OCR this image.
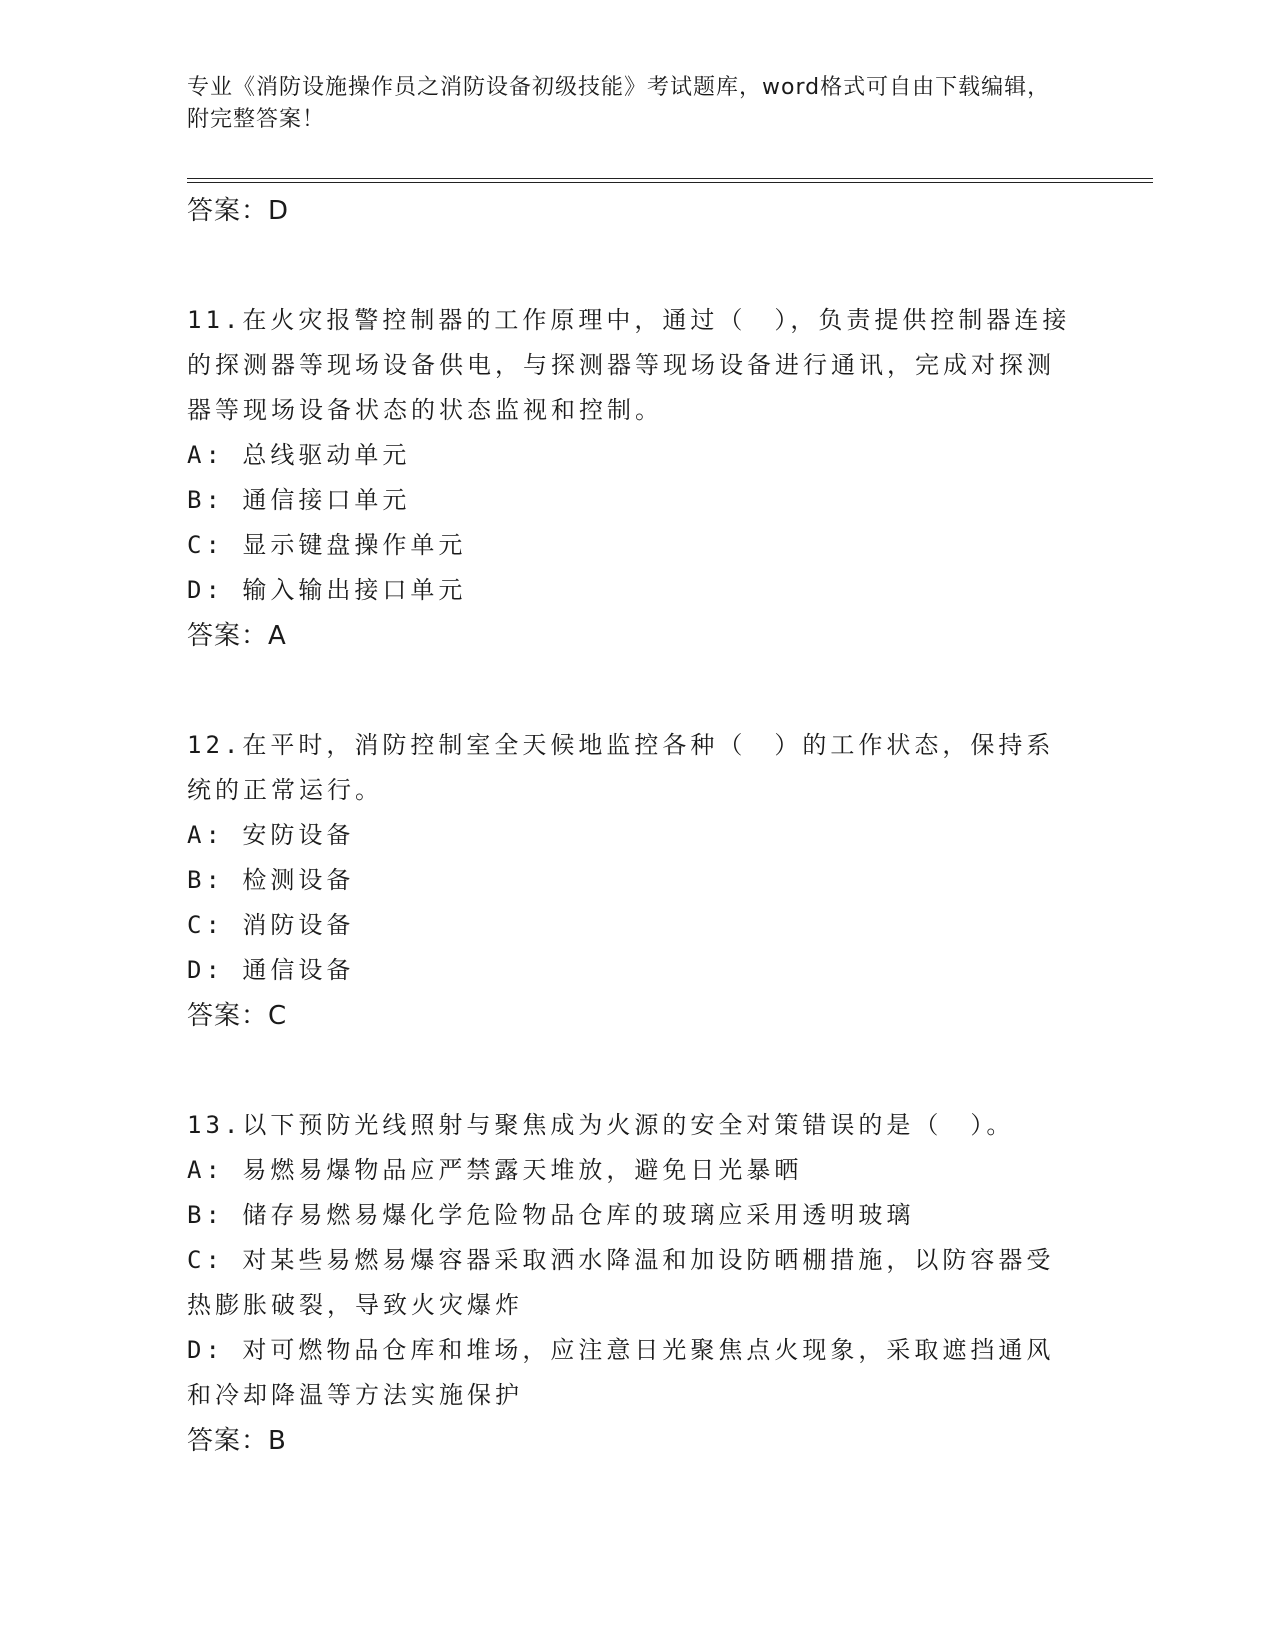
专业《消防设施操作员之消防设备初级技能》考试题库，word格式可自由下载编辑，附完整答案！
答案：D
11.在火灾报警控制器的工作原理中，通过（　），负责提供控制器连接的探测器等现场设备供电，与探测器等现场设备进行通讯，完成对探测器等现场设备状态的状态监视和控制。
A: 总线驱动单元
B: 通信接口单元
C: 显示键盘操作单元
D: 输入输出接口单元
答案：A
12.在平时，消防控制室全天候地监控各种（　）的工作状态，保持系统的正常运行。
A: 安防设备
B: 检测设备
C: 消防设备
D: 通信设备
答案：C
13.以下预防光线照射与聚焦成为火源的安全对策错误的是（　）。
A: 易燃易爆物品应严禁露天堆放，避免日光暴晒
B: 储存易燃易爆化学危险物品仓库的玻璃应采用透明玻璃
C: 对某些易燃易爆容器采取洒水降温和加设防晒棚措施，以防容器受热膨胀破裂，导致火灾爆炸
D: 对可燃物品仓库和堆场，应注意日光聚焦点火现象，采取遮挡通风和冷却降温等方法实施保护
答案：B
